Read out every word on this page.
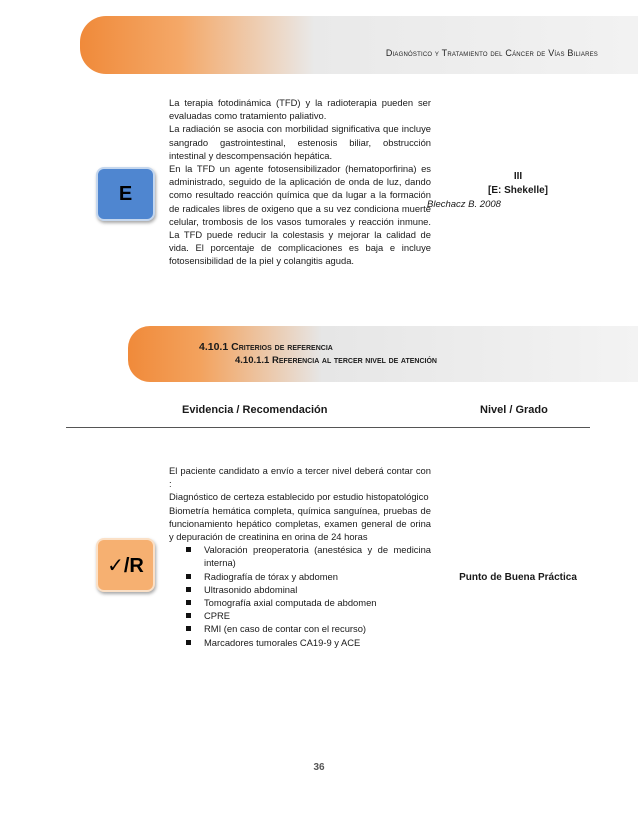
Diagnóstico y Tratamiento del Cáncer de Vías Biliares
E

La terapia fotodinámica (TFD) y la radioterapia pueden ser evaluadas como tratamiento paliativo.

La radiación se asocia con morbilidad significativa que incluye sangrado gastrointestinal, estenosis biliar, obstrucción intestinal y descompensación hepática.

En la TFD un agente fotosensibilizador (hematoporfirina) es administrado, seguido de la aplicación de onda de luz, dando como resultado reacción química que da lugar a la formación de radicales libres de oxigeno que a su vez condiciona muerte celular, trombosis de los vasos tumorales y reacción inmune. La TFD puede reducir la colestasis y mejorar la calidad de vida. El porcentaje de complicaciones es baja e incluye fotosensibilidad de la piel y colangitis aguda.

III
[E: Shekelle]
Blechacz B. 2008
4.10.1 Criterios de referencia
4.10.1.1 Referencia al tercer nivel de atención
Evidencia / Recomendación	Nivel / Grado
✓/R

El paciente candidato a envío a tercer nivel deberá contar con :

Diagnóstico de certeza establecido por estudio histopatológico

Biometría hemática completa, química sanguínea, pruebas de funcionamiento hepático completas, examen general de orina y depuración de creatinina en orina de 24 horas

Valoración preoperatoria (anestésica y de medicina interna)
Radiografía de tórax y abdomen
Ultrasonido abdominal
Tomografía axial computada de abdomen
CPRE
RMI (en caso de contar con el recurso)
Marcadores tumorales CA19-9 y ACE
Punto de Buena Práctica
36
